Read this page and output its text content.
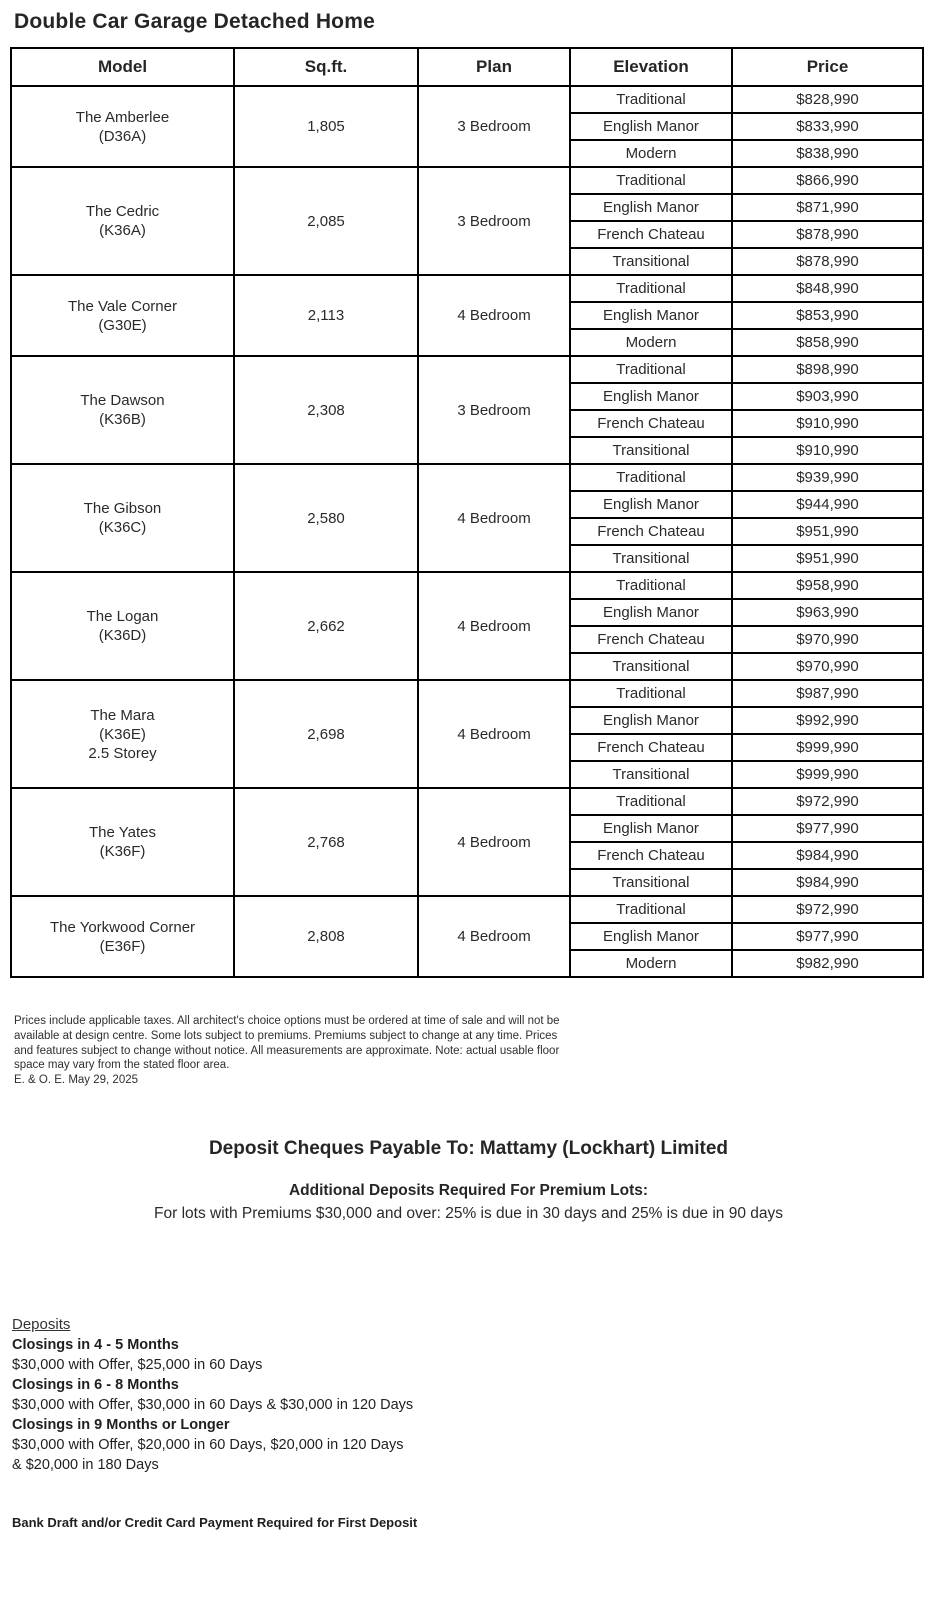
Double Car Garage Detached Home
Model	Sq.ft.	Plan	Elevation	Price

The Amberlee
(D36A)	1,805	3 Bedroom	Traditional	$828,990
			English Manor	$833,990
			Modern	$838,990

The Cedric
(K36A)	2,085	3 Bedroom	Traditional	$866,990
			English Manor	$871,990
			French Chateau	$878,990
			Transitional	$878,990

The Vale Corner
(G30E)	2,113	4 Bedroom	Traditional	$848,990
			English Manor	$853,990
			Modern	$858,990

The Dawson
(K36B)	2,308	3 Bedroom	Traditional	$898,990
			English Manor	$903,990
			French Chateau	$910,990
			Transitional	$910,990

The Gibson
(K36C)	2,580	4 Bedroom	Traditional	$939,990
			English Manor	$944,990
			French Chateau	$951,990
			Transitional	$951,990

The Logan
(K36D)	2,662	4 Bedroom	Traditional	$958,990
			English Manor	$963,990
			French Chateau	$970,990
			Transitional	$970,990

The Mara
(K36E)
2.5 Storey	2,698	4 Bedroom	Traditional	$987,990
			English Manor	$992,990
			French Chateau	$999,990
			Transitional	$999,990

The Yates
(K36F)	2,768	4 Bedroom	Traditional	$972,990
			English Manor	$977,990
			French Chateau	$984,990
			Transitional	$984,990

The Yorkwood Corner
(E36F)	2,808	4 Bedroom	Traditional	$972,990
			English Manor	$977,990
			Modern	$982,990
Prices include applicable taxes. All architect's choice options must be ordered at time of sale and will not be available at design centre. Some lots subject to premiums. Premiums subject to change at any time. Prices and features subject to change without notice. All measurements are approximate. Note: actual usable floor space may vary from the stated floor area.
E. & O. E. May 29, 2025
Deposit Cheques Payable To: Mattamy (Lockhart) Limited
Additional Deposits Required For Premium Lots:
For lots with Premiums $30,000 and over: 25% is due in 30 days and 25% is due in 90 days
Deposits
Closings in 4 - 5 Months
$30,000 with Offer, $25,000 in 60 Days
Closings in 6 - 8 Months
$30,000 with Offer, $30,000 in 60 Days & $30,000 in 120 Days
Closings in 9 Months or Longer
$30,000 with Offer, $20,000 in 60 Days, $20,000 in 120 Days
& $20,000 in 180 Days
Bank Draft and/or Credit Card Payment Required for First Deposit
